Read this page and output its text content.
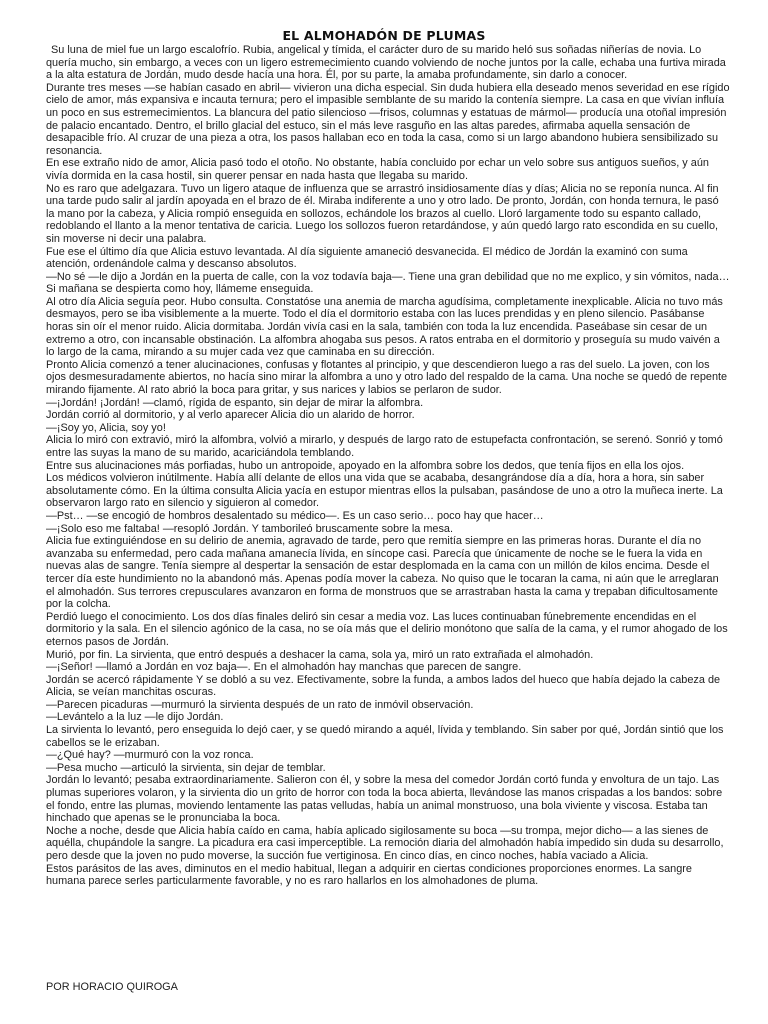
EL ALMOHADÓN DE PLUMAS

Su luna de miel fue un largo escalofrío. Rubia, angelical y tímida, el carácter duro de su marido heló sus soñadas niñerías de novia. Lo quería mucho, sin embargo, a veces con un ligero estremecimiento cuando volviendo de noche juntos por la calle, echaba una furtiva mirada a la alta estatura de Jordán, mudo desde hacía una hora. Él, por su parte, la amaba profundamente, sin darlo a conocer.

Durante tres meses —se habían casado en abril— vivieron una dicha especial. Sin duda hubiera ella deseado menos severidad en ese rígido cielo de amor, más expansiva e incauta ternura; pero el impasible semblante de su marido la contenía siempre. La casa en que vivían influía un poco en sus estremecimientos. La blancura del patio silencioso —frisos, columnas y estatuas de mármol— producía una otoñal impresión de palacio encantado. Dentro, el brillo glacial del estuco, sin el más leve rasguño en las altas paredes, afirmaba aquella sensación de desapacible frío. Al cruzar de una pieza a otra, los pasos hallaban eco en toda la casa, como si un largo abandono hubiera sensibilizado su resonancia.

En ese extraño nido de amor, Alicia pasó todo el otoño. No obstante, había concluido por echar un velo sobre sus antiguos sueños, y aún vivía dormida en la casa hostil, sin querer pensar en nada hasta que llegaba su marido.

No es raro que adelgazara. Tuvo un ligero ataque de influenza que se arrastró insidiosamente días y días; Alicia no se reponía nunca. Al fin una tarde pudo salir al jardín apoyada en el brazo de él. Miraba indiferente a uno y otro lado. De pronto, Jordán, con honda ternura, le pasó la mano por la cabeza, y Alicia rompió enseguida en sollozos, echándole los brazos al cuello. Lloró largamente todo su espanto callado, redoblando el llanto a la menor tentativa de caricia. Luego los sollozos fueron retardándose, y aún quedó largo rato escondida en su cuello, sin moverse ni decir una palabra.

Fue ese el último día que Alicia estuvo levantada. Al día siguiente amaneció desvanecida. El médico de Jordán la examinó con suma atención, ordenándole calma y descanso absolutos.

—No sé —le dijo a Jordán en la puerta de calle, con la voz todavía baja—. Tiene una gran debilidad que no me explico, y sin vómitos, nada… Si mañana se despierta como hoy, llámeme enseguida.

Al otro día Alicia seguía peor. Hubo consulta. Constatóse una anemia de marcha agudísima, completamente inexplicable. Alicia no tuvo más desmayos, pero se iba visiblemente a la muerte. Todo el día el dormitorio estaba con las luces prendidas y en pleno silencio. Pasábanse horas sin oír el menor ruido. Alicia dormitaba. Jordán vivía casi en la sala, también con toda la luz encendida. Paseábase sin cesar de un extremo a otro, con incansable obstinación. La alfombra ahogaba sus pesos. A ratos entraba en el dormitorio y proseguía su mudo vaivén a lo largo de la cama, mirando a su mujer cada vez que caminaba en su dirección.

Pronto Alicia comenzó a tener alucinaciones, confusas y flotantes al principio, y que descendieron luego a ras del suelo. La joven, con los ojos desmesuradamente abiertos, no hacía sino mirar la alfombra a uno y otro lado del respaldo de la cama. Una noche se quedó de repente mirando fijamente. Al rato abrió la boca para gritar, y sus narices y labios se perlaron de sudor.

—¡Jordán! ¡Jordán! —clamó, rígida de espanto, sin dejar de mirar la alfombra.

Jordán corrió al dormitorio, y al verlo aparecer Alicia dio un alarido de horror.

—¡Soy yo, Alicia, soy yo!

Alicia lo miró con extravió, miró la alfombra, volvió a mirarlo, y después de largo rato de estupefacta confrontación, se serenó. Sonrió y tomó entre las suyas la mano de su marido, acariciándola temblando.

Entre sus alucinaciones más porfiadas, hubo un antropoide, apoyado en la alfombra sobre los dedos, que tenía fijos en ella los ojos.

Los médicos volvieron inútilmente. Había allí delante de ellos una vida que se acababa, desangrándose día a día, hora a hora, sin saber absolutamente cómo. En la última consulta Alicia yacía en estupor mientras ellos la pulsaban, pasándose de uno a otro la muñeca inerte. La observaron largo rato en silencio y siguieron al comedor.

—Pst… —se encogió de hombros desalentado su médico—. Es un caso serio… poco hay que hacer…

—¡Solo eso me faltaba! —resopló Jordán. Y tamborileó bruscamente sobre la mesa.

Alicia fue extinguiéndose en su delirio de anemia, agravado de tarde, pero que remitía siempre en las primeras horas. Durante el día no avanzaba su enfermedad, pero cada mañana amanecía lívida, en síncope casi. Parecía que únicamente de noche se le fuera la vida en nuevas alas de sangre. Tenía siempre al despertar la sensación de estar desplomada en la cama con un millón de kilos encima. Desde el tercer día este hundimiento no la abandonó más. Apenas podía mover la cabeza. No quiso que le tocaran la cama, ni aún que le arreglaran el almohadón. Sus terrores crepusculares avanzaron en forma de monstruos que se arrastraban hasta la cama y trepaban dificultosamente por la colcha.

Perdió luego el conocimiento. Los dos días finales deliró sin cesar a media voz. Las luces continuaban fúnebremente encendidas en el dormitorio y la sala. En el silencio agónico de la casa, no se oía más que el delirio monótono que salía de la cama, y el rumor ahogado de los eternos pasos de Jordán.

Murió, por fin. La sirvienta, que entró después a deshacer la cama, sola ya, miró un rato extrañada el almohadón.

—¡Señor! —llamó a Jordán en voz baja—. En el almohadón hay manchas que parecen de sangre.

Jordán se acercó rápidamente Y se dobló a su vez. Efectivamente, sobre la funda, a ambos lados del hueco que había dejado la cabeza de Alicia, se veían manchitas oscuras.

—Parecen picaduras —murmuró la sirvienta después de un rato de inmóvil observación.

—Levántelo a la luz —le dijo Jordán.

La sirvienta lo levantó, pero enseguida lo dejó caer, y se quedó mirando a aquél, lívida y temblando. Sin saber por qué, Jordán sintió que los cabellos se le erizaban.

—¿Qué hay? —murmuró con la voz ronca.

—Pesa mucho —articuló la sirvienta, sin dejar de temblar.

Jordán lo levantó; pesaba extraordinariamente. Salieron con él, y sobre la mesa del comedor Jordán cortó funda y envoltura de un tajo. Las plumas superiores volaron, y la sirvienta dio un grito de horror con toda la boca abierta, llevándose las manos crispadas a los bandos: sobre el fondo, entre las plumas, moviendo lentamente las patas velludas, había un animal monstruoso, una bola viviente y viscosa. Estaba tan hinchado que apenas se le pronunciaba la boca.

Noche a noche, desde que Alicia había caído en cama, había aplicado sigilosamente su boca —su trompa, mejor dicho— a las sienes de aquélla, chupándole la sangre. La picadura era casi imperceptible. La remoción diaria del almohadón había impedido sin duda su desarrollo, pero desde que la joven no pudo moverse, la succión fue vertiginosa. En cinco días, en cinco noches, había vaciado a Alicia.

Estos parásitos de las aves, diminutos en el medio habitual, llegan a adquirir en ciertas condiciones proporciones enormes. La sangre humana parece serles particularmente favorable, y no es raro hallarlos en los almohadones de pluma.

POR HORACIO QUIROGA
